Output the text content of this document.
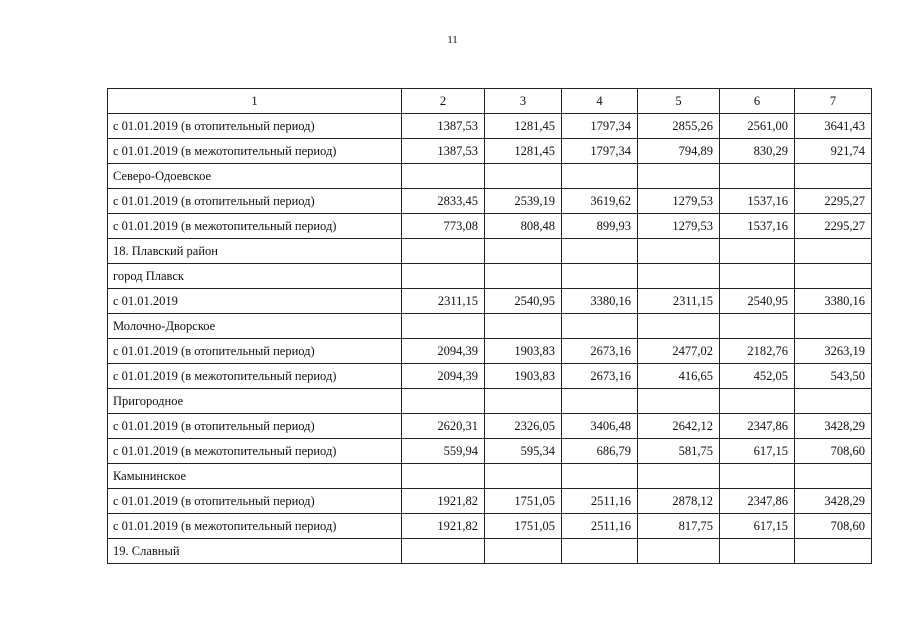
11
1	2	3	4	5	6	7
с 01.01.2019 (в отопительный период)	1387,53	1281,45	1797,34	2855,26	2561,00	3641,43
с 01.01.2019 (в межотопительный период)	1387,53	1281,45	1797,34	794,89	830,29	921,74
Северо-Одоевское						
с 01.01.2019 (в отопительный период)	2833,45	2539,19	3619,62	1279,53	1537,16	2295,27
с 01.01.2019 (в межотопительный период)	773,08	808,48	899,93	1279,53	1537,16	2295,27
18. Плавский район						
город Плавск						
с 01.01.2019	2311,15	2540,95	3380,16	2311,15	2540,95	3380,16
Молочно-Дворское						
с 01.01.2019 (в отопительный период)	2094,39	1903,83	2673,16	2477,02	2182,76	3263,19
с 01.01.2019 (в межотопительный период)	2094,39	1903,83	2673,16	416,65	452,05	543,50
Пригородное						
с 01.01.2019 (в отопительный период)	2620,31	2326,05	3406,48	2642,12	2347,86	3428,29
с 01.01.2019 (в межотопительный период)	559,94	595,34	686,79	581,75	617,15	708,60
Камынинское						
с 01.01.2019 (в отопительный период)	1921,82	1751,05	2511,16	2878,12	2347,86	3428,29
с 01.01.2019 (в межотопительный период)	1921,82	1751,05	2511,16	817,75	617,15	708,60
19. Славный						
